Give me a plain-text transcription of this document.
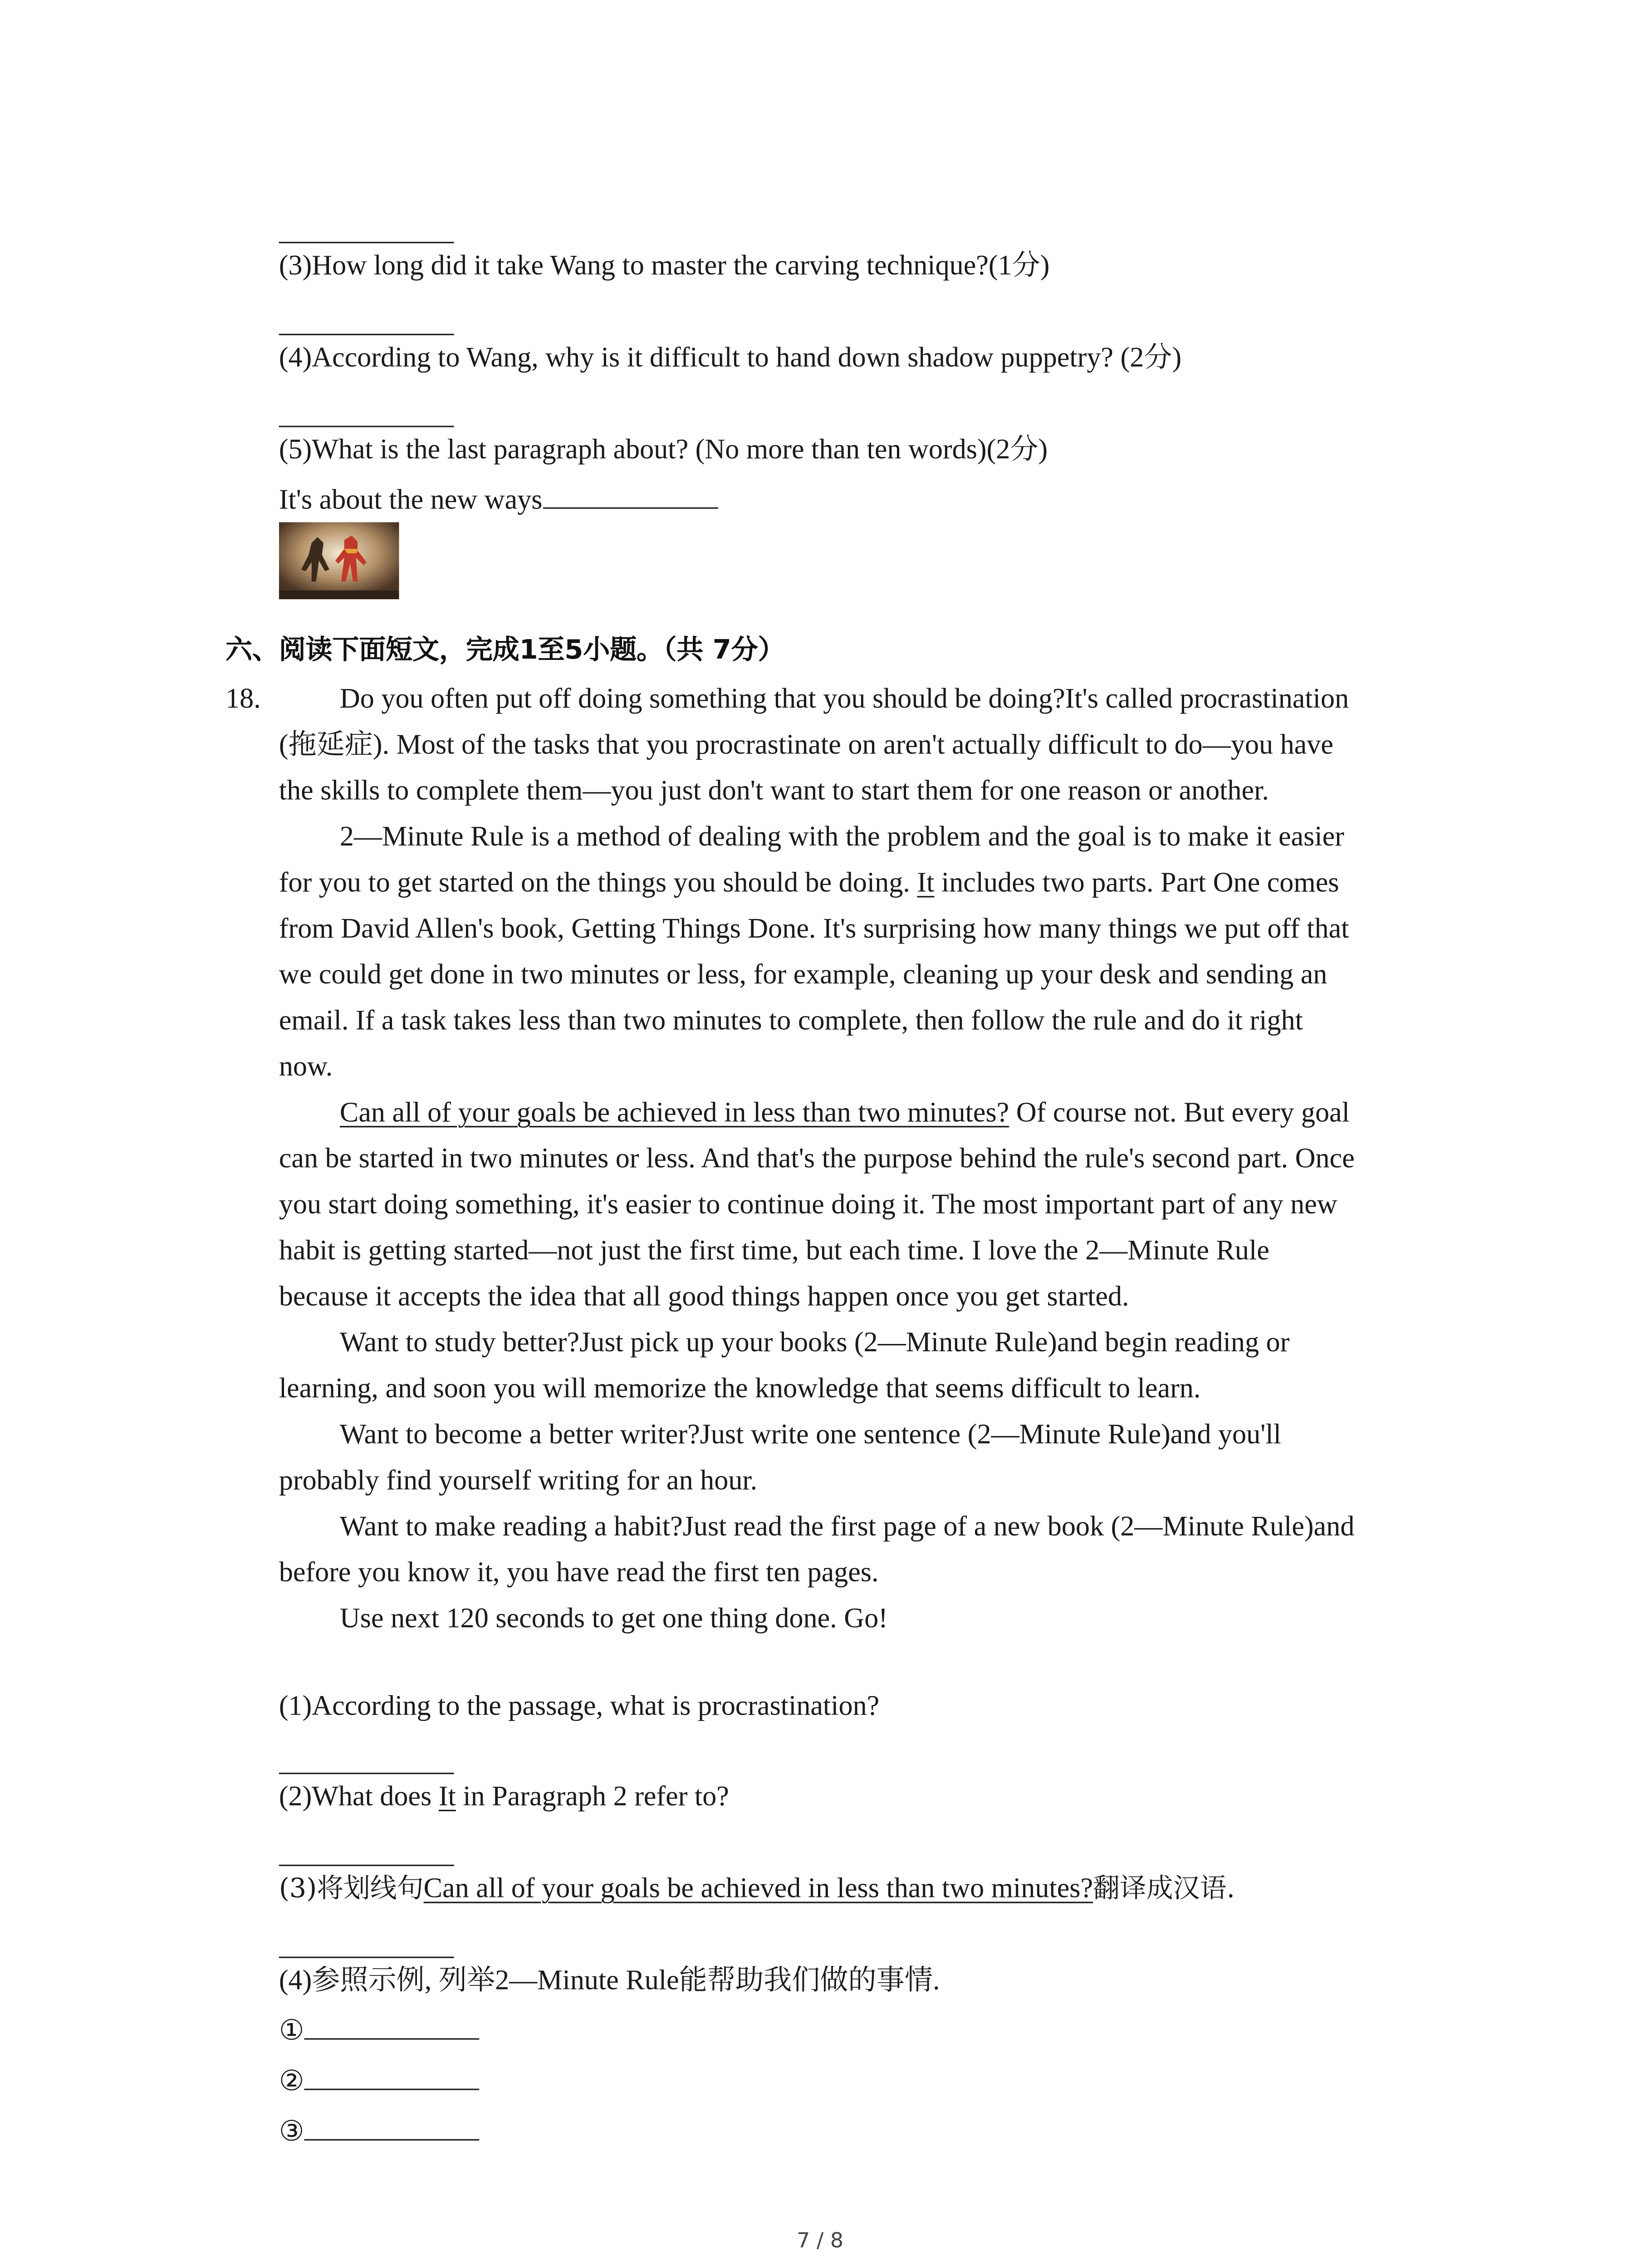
(3)How long did it take Wang to master the carving technique?(1分)
(4)According to Wang, why is it difficult to hand down shadow puppetry? (2分)
(5)What is the last paragraph about? (No more than ten words)(2分)
It's about the new ways
六、阅读下面短文，完成1至5小题。（共 7分）
18.	Do you often put off doing something that you should be doing?It's called procrastination
(拖延症). Most of the tasks that you procrastinate on aren't actually difficult to do—you have
the skills to complete them—you just don't want to start them for one reason or another.
2—Minute Rule is a method of dealing with the problem and the goal is to make it easier
for you to get started on the things you should be doing. It includes two parts. Part One comes
from David Allen's book, Getting Things Done. It's surprising how many things we put off that
we could get done in two minutes or less, for example, cleaning up your desk and sending an
email. If a task takes less than two minutes to complete, then follow the rule and do it right
now.
Can all of your goals be achieved in less than two minutes? Of course not. But every goal
can be started in two minutes or less. And that's the purpose behind the rule's second part. Once
you start doing something, it's easier to continue doing it. The most important part of any new
habit is getting started—not just the first time, but each time. I love the 2—Minute Rule
because it accepts the idea that all good things happen once you get started.
Want to study better?Just pick up your books (2—Minute Rule)and begin reading or
learning, and soon you will memorize the knowledge that seems difficult to learn.
Want to become a better writer?Just write one sentence (2—Minute Rule)and you'll
probably find yourself writing for an hour.
Want to make reading a habit?Just read the first page of a new book (2—Minute Rule)and
before you know it, you have read the first ten pages.
Use next 120 seconds to get one thing done. Go!
(1)According to the passage, what is procrastination?
(2)What does It in Paragraph 2 refer to?
(3)将划线句Can all of your goals be achieved in less than two minutes?翻译成汉语.
(4)参照示例, 列举2—Minute Rule能帮助我们做的事情.
①
②
③
7 / 8
